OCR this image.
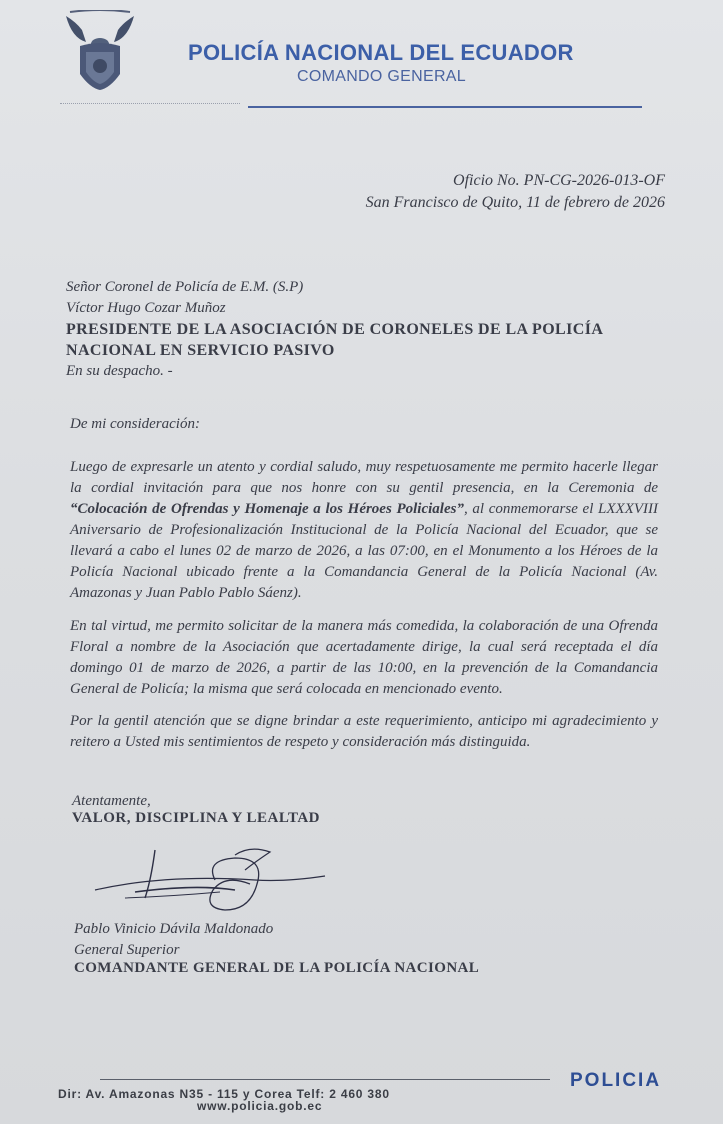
POLICÍA NACIONAL DEL ECUADOR
COMANDO GENERAL
Oficio No. PN-CG-2026-013-OF
San Francisco de Quito, 11 de febrero de 2026
Señor Coronel de Policía de E.M. (S.P)
Víctor Hugo Cozar Muñoz
PRESIDENTE DE LA ASOCIACIÓN DE CORONELES DE LA POLICÍA
NACIONAL EN SERVICIO PASIVO
En su despacho. -
De mi consideración:
Luego de expresarle un atento y cordial saludo, muy respetuosamente me permito hacerle llegar la cordial invitación para que nos honre con su gentil presencia, en la Ceremonia de “Colocación de Ofrendas y Homenaje a los Héroes Policiales”, al conmemorarse el LXXXVIII Aniversario de Profesionalización Institucional de la Policía Nacional del Ecuador, que se llevará a cabo el lunes 02 de marzo de 2026, a las 07:00, en el Monumento a los Héroes de la Policía Nacional ubicado frente a la Comandancia General de la Policía Nacional (Av. Amazonas y Juan Pablo Pablo Sáenz).
En tal virtud, me permito solicitar de la manera más comedida, la colaboración de una Ofrenda Floral a nombre de la Asociación que acertadamente dirige, la cual será receptada el día domingo 01 de marzo de 2026, a partir de las 10:00, en la prevención de la Comandancia General de Policía; la misma que será colocada en mencionado evento.
Por la gentil atención que se digne brindar a este requerimiento, anticipo mi agradecimiento y reitero a Usted mis sentimientos de respeto y consideración más distinguida.
Atentamente,
VALOR, DISCIPLINA Y LEALTAD
Pablo Vinicio Dávila Maldonado
General Superior
COMANDANTE GENERAL DE LA POLICÍA NACIONAL
Dir: Av. Amazonas N35 - 115 y Corea Telf: 2 460 380
www.policia.gob.ec
POLICIA
